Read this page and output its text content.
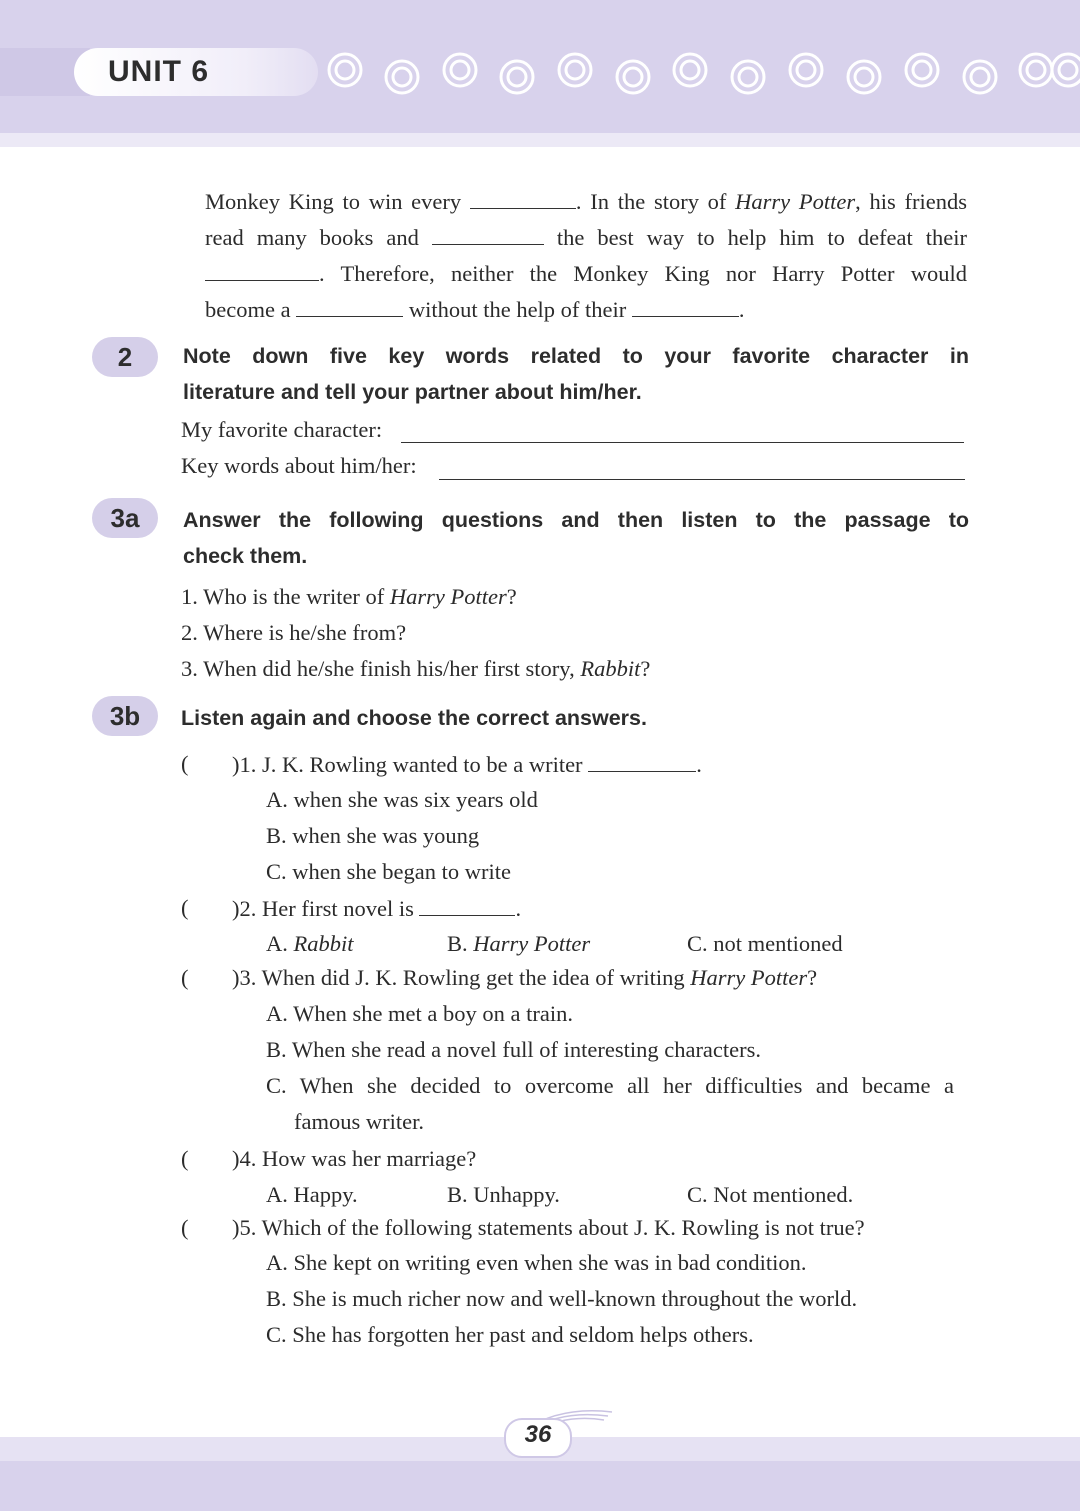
UNIT 6
Monkey King to win every	. In the story of Harry Potter, his friends
read many books and	the best way to help him to defeat their
. Therefore, neither the Monkey King nor Harry Potter would
become a	without the help of their	.
2	Note down five key words related to your favorite character in
literature and tell your partner about him/her.
My favorite character:
Key words about him/her:
3a	Answer the following questions and then listen to the passage to
check them.
1. Who is the writer of Harry Potter?
2. Where is he/she from?
3. When did he/she finish his/her first story, Rabbit?
3b	Listen again and choose the correct answers.
( )1. J. K. Rowling wanted to be a writer	.
A. when she was six years old
B. when she was young
C. when she began to write
( )2. Her first novel is	.
A. Rabbit	B. Harry Potter	C. not mentioned
( )3. When did J. K. Rowling get the idea of writing Harry Potter?
A. When she met a boy on a train.
B. When she read a novel full of interesting characters.
C. When she decided to overcome all her difficulties and became a
famous writer.
( )4. How was her marriage?
A. Happy.	B. Unhappy.	C. Not mentioned.
( )5. Which of the following statements about J. K. Rowling is not true?
A. She kept on writing even when she was in bad condition.
B. She is much richer now and well-known throughout the world.
C. She has forgotten her past and seldom helps others.
36
